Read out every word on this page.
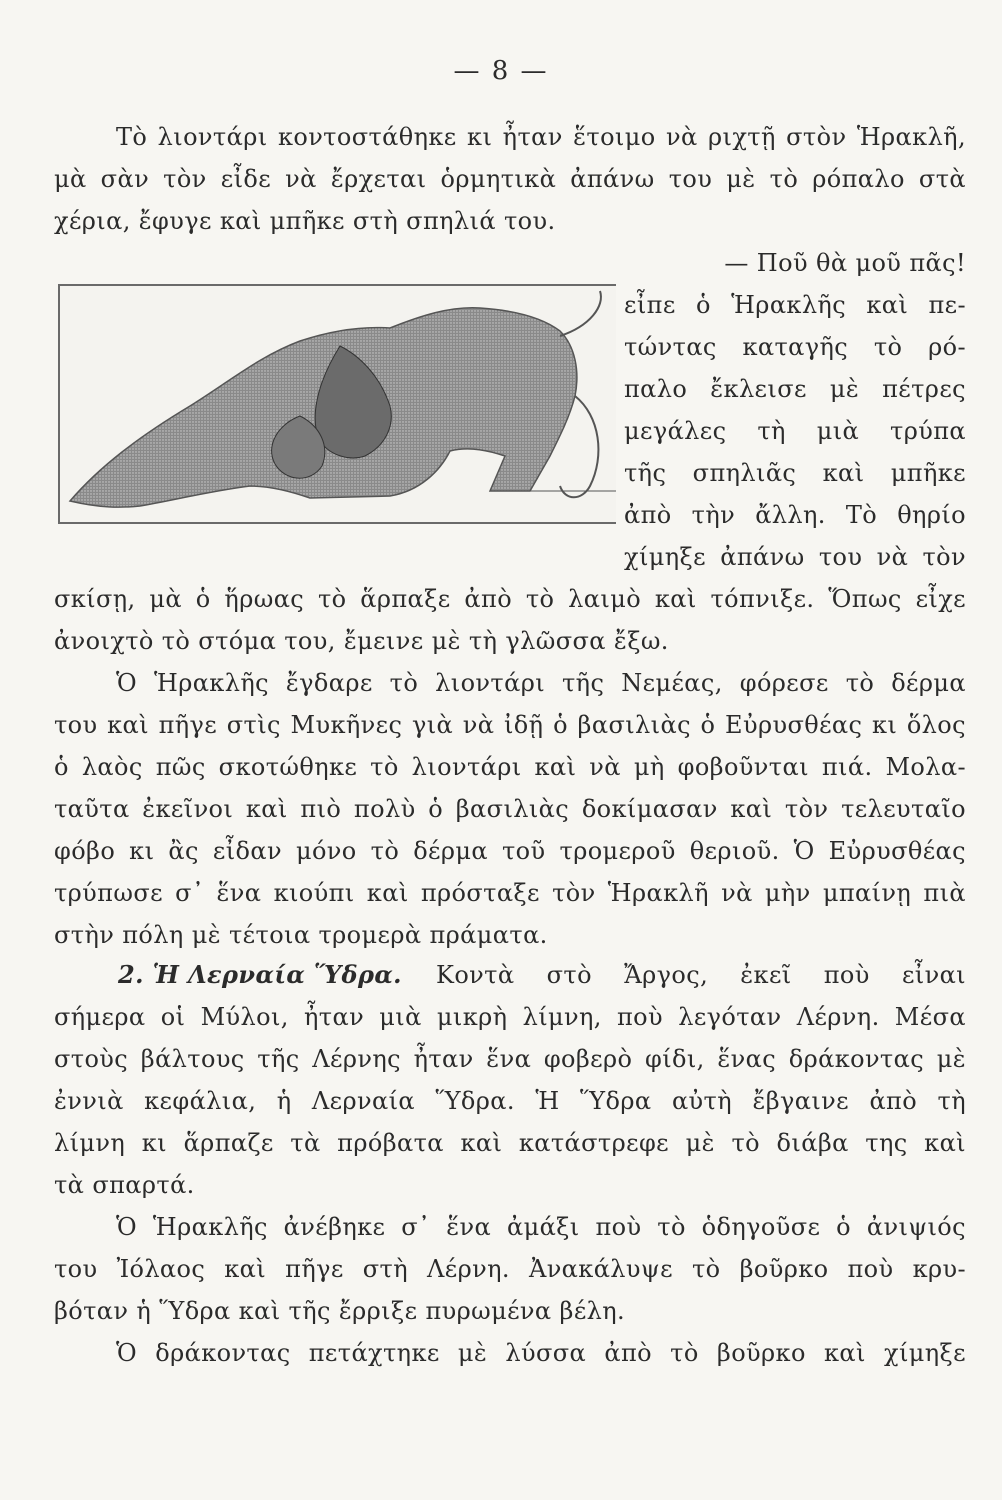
— 8 —
Τὸ λιοντάρι κοντοστάθηκε κι ἦταν ἕτοιμο νὰ ριχτῇ στὸν Ἡρακλῆ,
μὰ σὰν τὸν εἶδε νὰ ἔρχεται ὁρμητικὰ ἀπάνω του μὲ τὸ ρόπαλο στὰ
χέρια, ἔφυγε καὶ μπῆκε στὴ σπηλιά του.
— Ποῦ θὰ μοῦ πᾶς!
εἶπε ὁ Ἡρακλῆς καὶ πε-
τώντας καταγῆς τὸ ρό-
παλο ἔκλεισε μὲ πέτρες
μεγάλες τὴ μιὰ τρύπα
τῆς σπηλιᾶς καὶ μπῆκε
ἀπὸ τὴν ἄλλη. Τὸ θηρίο
χίμηξε ἀπάνω του νὰ τὸν
σκίσῃ, μὰ ὁ ἥρωας τὸ ἅρπαξε ἀπὸ τὸ λαιμὸ καὶ τόπνιξε. Ὅπως εἶχε
ἀνοιχτὸ τὸ στόμα του, ἔμεινε μὲ τὴ γλῶσσα ἔξω.
Ὁ Ἡρακλῆς ἔγδαρε τὸ λιοντάρι τῆς Νεμέας, φόρεσε τὸ δέρμα
του καὶ πῆγε στὶς Μυκῆνες γιὰ νὰ ἰδῇ ὁ βασιλιὰς ὁ Εὐρυσθέας κι ὅλος
ὁ λαὸς πῶς σκοτώθηκε τὸ λιοντάρι καὶ νὰ μὴ φοβοῦνται πιά. Μολα-
ταῦτα ἐκεῖνοι καὶ πιὸ πολὺ ὁ βασιλιὰς δοκίμασαν καὶ τὸν τελευταῖο
φόβο κι ἂς εἶδαν μόνο τὸ δέρμα τοῦ τρομεροῦ θεριοῦ. Ὁ Εὐρυσθέας
τρύπωσε σ᾽ ἕνα κιούπι καὶ πρόσταξε τὸν Ἡρακλῆ νὰ μὴν μπαίνῃ πιὰ
στὴν πόλη μὲ τέτοια τρομερὰ πράματα.
2. Ἡ Λερναία Ὕδρα. Κοντὰ στὸ Ἄργος, ἐκεῖ ποὺ εἶναι
σήμερα οἱ Μύλοι, ἦταν μιὰ μικρὴ λίμνη, ποὺ λεγόταν Λέρνη. Μέσα
στοὺς βάλτους τῆς Λέρνης ἦταν ἕνα φοβερὸ φίδι, ἕνας δράκοντας μὲ
ἐννιὰ κεφάλια, ἡ Λερναία Ὕδρα. Ἡ Ὕδρα αὐτὴ ἔβγαινε ἀπὸ τὴ
λίμνη κι ἅρπαζε τὰ πρόβατα καὶ κατάστρεφε μὲ τὸ διάβα της καὶ
τὰ σπαρτά.
Ὁ Ἡρακλῆς ἀνέβηκε σ᾽ ἕνα ἀμάξι ποὺ τὸ ὁδηγοῦσε ὁ ἀνιψιός
του Ἰόλαος καὶ πῆγε στὴ Λέρνη. Ἀνακάλυψε τὸ βοῦρκο ποὺ κρυ-
βόταν ἡ Ὕδρα καὶ τῆς ἔρριξε πυρωμένα βέλη.
Ὁ δράκοντας πετάχτηκε μὲ λύσσα ἀπὸ τὸ βοῦρκο καὶ χίμηξε
